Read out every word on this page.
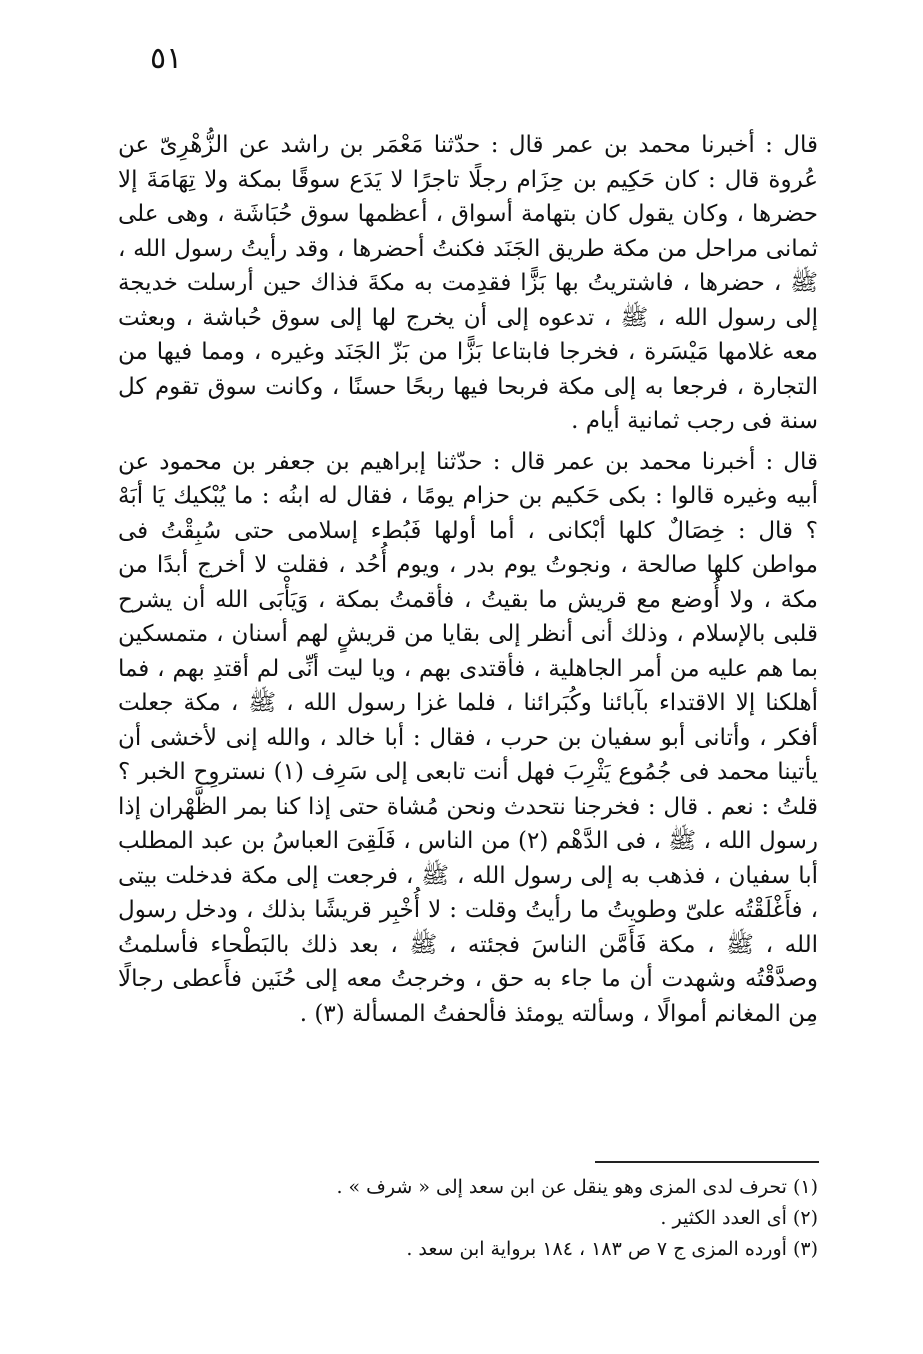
٥١

قال : أخبرنا محمد بن عمر قال : حدّثنا مَعْمَر بن راشد عن الزُّهْرِىّ عن عُروة قال : كان حَكِيم بن حِزَام رجلًا تاجرًا لا يَدَع سوقًا بمكة ولا تِهَامَةَ إلا حضرها ، وكان يقول كان بتهامة أسواق ، أعظمها سوق حُبَاشَة ، وهى على ثمانى مراحل من مكة طريق الجَنَد فكنتُ أحضرها ، وقد رأيتُ رسول الله ، ﷺ ، حضرها ، فاشتريتُ بها بَزًّا فقدِمت به مكةَ فذاك حين أرسلت خديجة إلى رسول الله ، ﷺ ، تدعوه إلى أن يخرج لها إلى سوق حُباشة ، وبعثت معه غلامها مَيْسَرة ، فخرجا فابتاعا بَزًّا من بَزّ الجَنَد وغيره ، ومما فيها من التجارة ، فرجعا به إلى مكة فربحا فيها ربحًا حسنًا ، وكانت سوق تقوم كل سنة فى رجب ثمانية أيام .

قال : أخبرنا محمد بن عمر قال : حدّثنا إبراهيم بن جعفر بن محمود عن أبيه وغيره قالوا : بكى حَكيم بن حزام يومًا ، فقال له ابنُه : ما يُبْكيك يَا أبَهْ ؟ قال : خِصَالٌ كلها أبْكانى ، أما أولها فَبُطء إسلامى حتى سُبِقْتُ فى مواطن كلها صالحة ، ونجوتُ يوم بدر ، ويوم أُحُد ، فقلت لا أخرج أبدًا من مكة ، ولا أُوضع مع قريش ما بقيتُ ، فأقمتُ بمكة ، وَيَأْبَى الله أن يشرح قلبى بالإسلام ، وذلك أنى أنظر إلى بقايا من قريشٍ لهم أسنان ، متمسكين بما هم عليه من أمر الجاهلية ، فأقتدى بهم ، ويا ليت أنِّى لم أقتدِ بهم ، فما أهلكنا إلا الاقتداء بآبائنا وكُبَرائنا ، فلما غزا رسول الله ، ﷺ ، مكة جعلت أفكر ، وأتانى أبو سفيان بن حرب ، فقال : أبا خالد ، والله إنى لأخشى أن يأتينا محمد فى جُمُوع يَثْرِبَ فهل أنت تابعى إلى سَرِف (١) نستروِح الخبر ؟ قلتُ : نعم . قال : فخرجنا نتحدث ونحن مُشاة حتى إذا كنا بمر الظَّهْران إذا رسول الله ، ﷺ ، فى الدَّهْم (٢) من الناس ، فَلَقِىَ العباسُ بن عبد المطلب أبا سفيان ، فذهب به إلى رسول الله ، ﷺ ، فرجعت إلى مكة فدخلت بيتى ، فأَغْلَقْتُه علىّ وطويتُ ما رأيتُ وقلت : لا أُخْبِر قريشًا بذلك ، ودخل رسول الله ، ﷺ ، مكة فَأَمَّن الناسَ فجئته ، ﷺ ، بعد ذلك بالبَطْحاء فأسلمتُ وصدَّقْتُه وشهدت أن ما جاء به حق ، وخرجتُ معه إلى حُنَين فأَعطى رجالًا مِن المغانم أموالًا ، وسألته يومئذ فألحفتُ المسألة (٣) .

(١) تحرف لدى المزى وهو ينقل عن ابن سعد إلى « شرف » .

(٢) أى العدد الكثير .

(٣) أورده المزى ج ٧ ص ١٨٣ ، ١٨٤ برواية ابن سعد .
